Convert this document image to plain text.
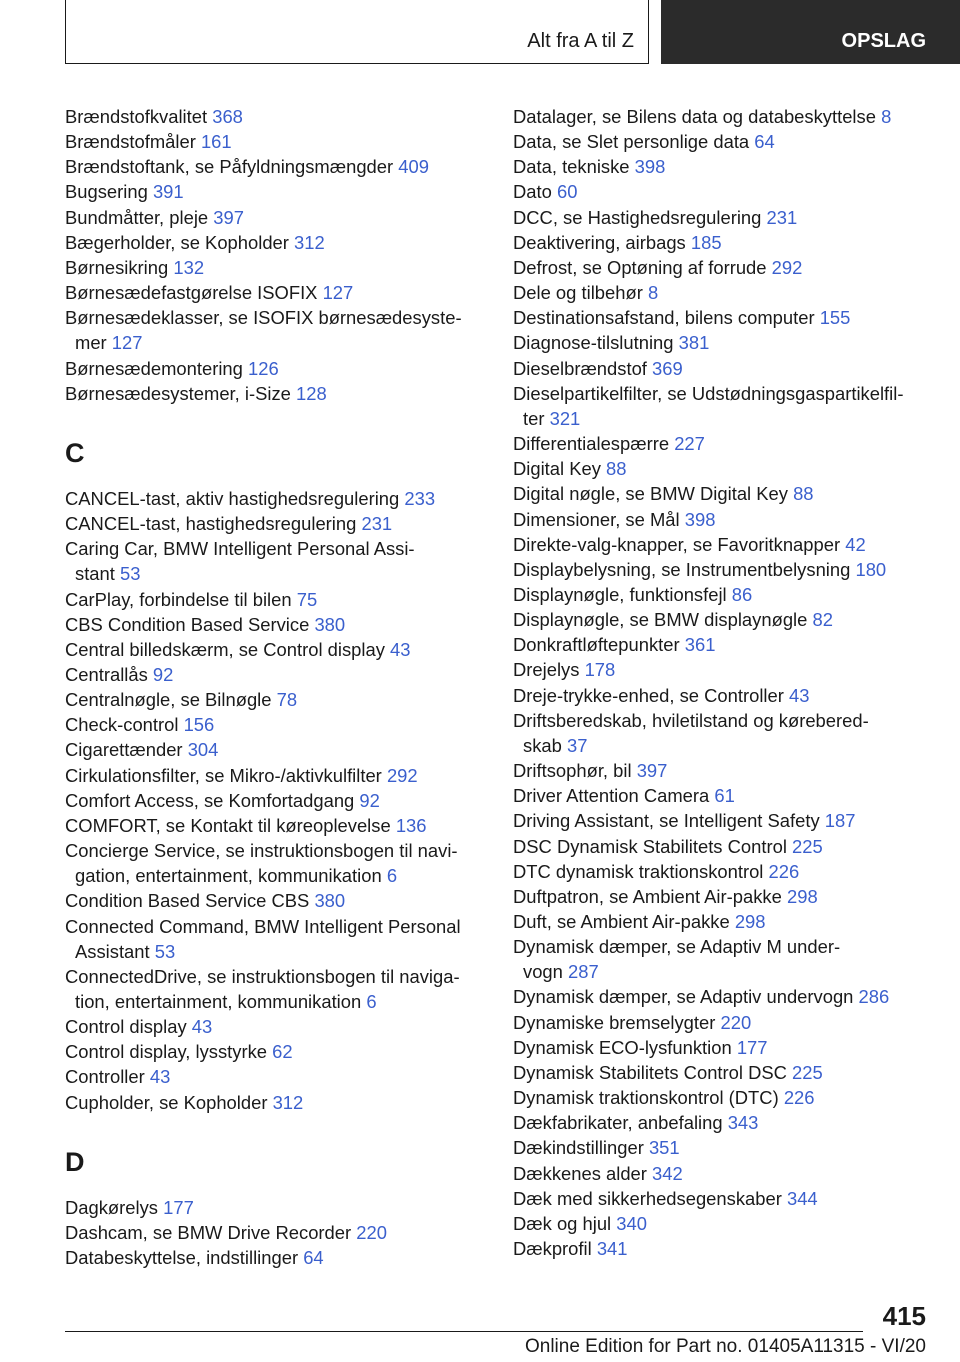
Alt fra A til Z	OPSLAG
Brændstofkvalitet 368
Brændstofmåler 161
Brændstoftank, se Påfyldningsmængder 409
Bugsering 391
Bundmåtter, pleje 397
Bægerholder, se Kopholder 312
Børnesikring 132
Børnesædefastgørelse ISOFIX 127
Børnesædeklasser, se ISOFIX børnesædesyste-
mer 127
Børnesædemontering 126
Børnesædesystemer, i-Size 128
C
CANCEL-tast, aktiv hastighedsregulering 233
CANCEL-tast, hastighedsregulering 231
Caring Car, BMW Intelligent Personal Assi-
stant 53
CarPlay, forbindelse til bilen 75
CBS Condition Based Service 380
Central billedskærm, se Control display 43
Centrallås 92
Centralnøgle, se Bilnøgle 78
Check-control 156
Cigarettænder 304
Cirkulationsfilter, se Mikro-/aktivkulfilter 292
Comfort Access, se Komfortadgang 92
COMFORT, se Kontakt til køreoplevelse 136
Concierge Service, se instruktionsbogen til navi-
gation, entertainment, kommunikation 6
Condition Based Service CBS 380
Connected Command, BMW Intelligent Personal
Assistant 53
ConnectedDrive, se instruktionsbogen til naviga-
tion, entertainment, kommunikation 6
Control display 43
Control display, lysstyrke 62
Controller 43
Cupholder, se Kopholder 312
D
Dagkørelys 177
Dashcam, se BMW Drive Recorder 220
Databeskyttelse, indstillinger 64
Datalager, se Bilens data og databeskyttelse 8
Data, se Slet personlige data 64
Data, tekniske 398
Dato 60
DCC, se Hastighedsregulering 231
Deaktivering, airbags 185
Defrost, se Optøning af forrude 292
Dele og tilbehør 8
Destinationsafstand, bilens computer 155
Diagnose-tilslutning 381
Dieselbrændstof 369
Dieselpartikelfilter, se Udstødningsgaspartikelfil-
ter 321
Differentialespærre 227
Digital Key 88
Digital nøgle, se BMW Digital Key 88
Dimensioner, se Mål 398
Direkte-valg-knapper, se Favoritknapper 42
Displaybelysning, se Instrumentbelysning 180
Displaynøgle, funktionsfejl 86
Displaynøgle, se BMW displaynøgle 82
Donkraftløftepunkter 361
Drejelys 178
Dreje-trykke-enhed, se Controller 43
Driftsberedskab, hviletilstand og kørebered-
skab 37
Driftsophør, bil 397
Driver Attention Camera 61
Driving Assistant, se Intelligent Safety 187
DSC Dynamisk Stabilitets Control 225
DTC dynamisk traktionskontrol 226
Duftpatron, se Ambient Air-pakke 298
Duft, se Ambient Air-pakke 298
Dynamisk dæmper, se Adaptiv M under-
vogn 287
Dynamisk dæmper, se Adaptiv undervogn 286
Dynamiske bremselygter 220
Dynamisk ECO-lysfunktion 177
Dynamisk Stabilitets Control DSC 225
Dynamisk traktionskontrol (DTC) 226
Dækfabrikater, anbefaling 343
Dækindstillinger 351
Dækkenes alder 342
Dæk med sikkerhedsegenskaber 344
Dæk og hjul 340
Dækprofil 341
415
Online Edition for Part no. 01405A11315 - VI/20
